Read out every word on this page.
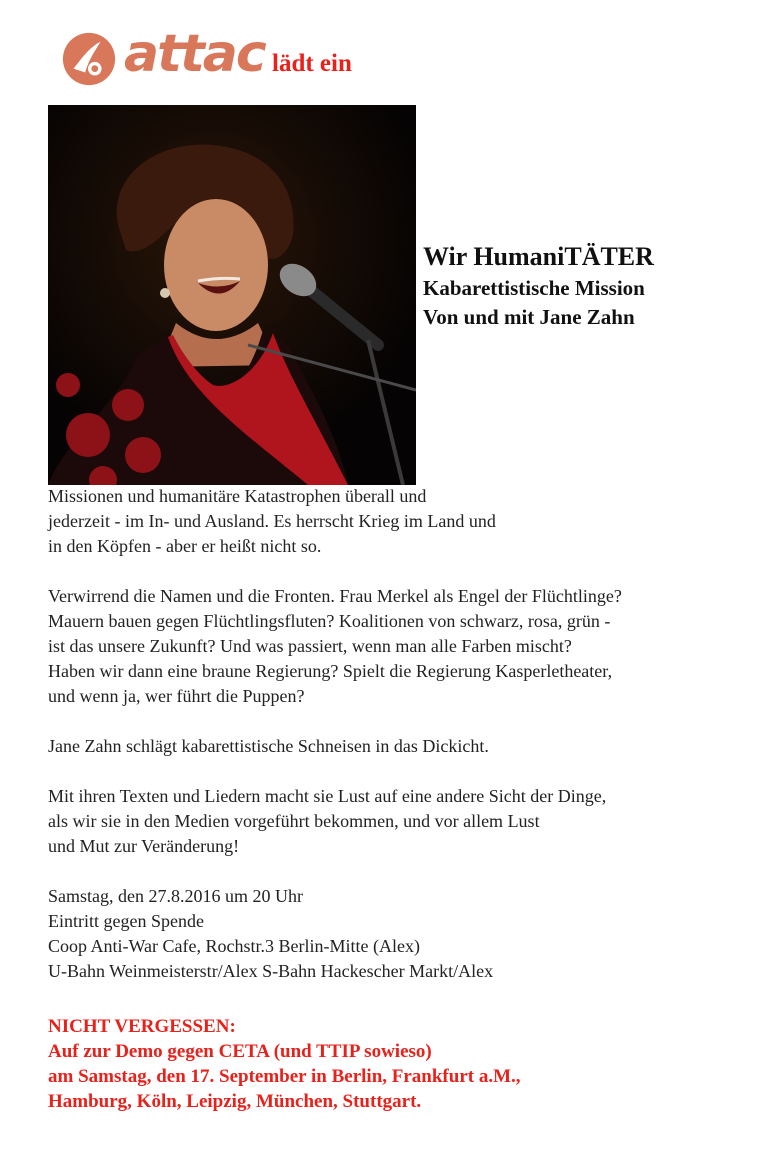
attac lädt ein
Wir HumaniTÄTER
Kabarettistische Mission
Von und mit Jane Zahn

Missionen und humanitäre Katastrophen überall und
jederzeit - im In- und Ausland. Es herrscht Krieg im Land und
in den Köpfen - aber er heißt nicht so.

Verwirrend die Namen und die Fronten. Frau Merkel als Engel der Flüchtlinge?
Mauern bauen gegen Flüchtlingsfluten? Koalitionen von schwarz, rosa, grün -
ist das unsere Zukunft? Und was passiert, wenn man alle Farben mischt?
Haben wir dann eine braune Regierung? Spielt die Regierung Kasperletheater,
und wenn ja, wer führt die Puppen?

Jane Zahn schlägt kabarettistische Schneisen in das Dickicht.

Mit ihren Texten und Liedern macht sie Lust auf eine andere Sicht der Dinge,
als wir sie in den Medien vorgeführt bekommen, und vor allem Lust
und Mut zur Veränderung!

Samstag, den 27.8.2016 um 20 Uhr

Eintritt gegen Spende

Coop Anti-War Cafe, Rochstr.3 Berlin-Mitte (Alex)

U-Bahn Weinmeisterstr/Alex S-Bahn Hackescher Markt/Alex

NICHT VERGESSEN:
Auf zur Demo gegen CETA (und TTIP sowieso)
am Samstag, den 17. September in Berlin, Frankfurt a.M.,
Hamburg, Köln, Leipzig, München, Stuttgart.
